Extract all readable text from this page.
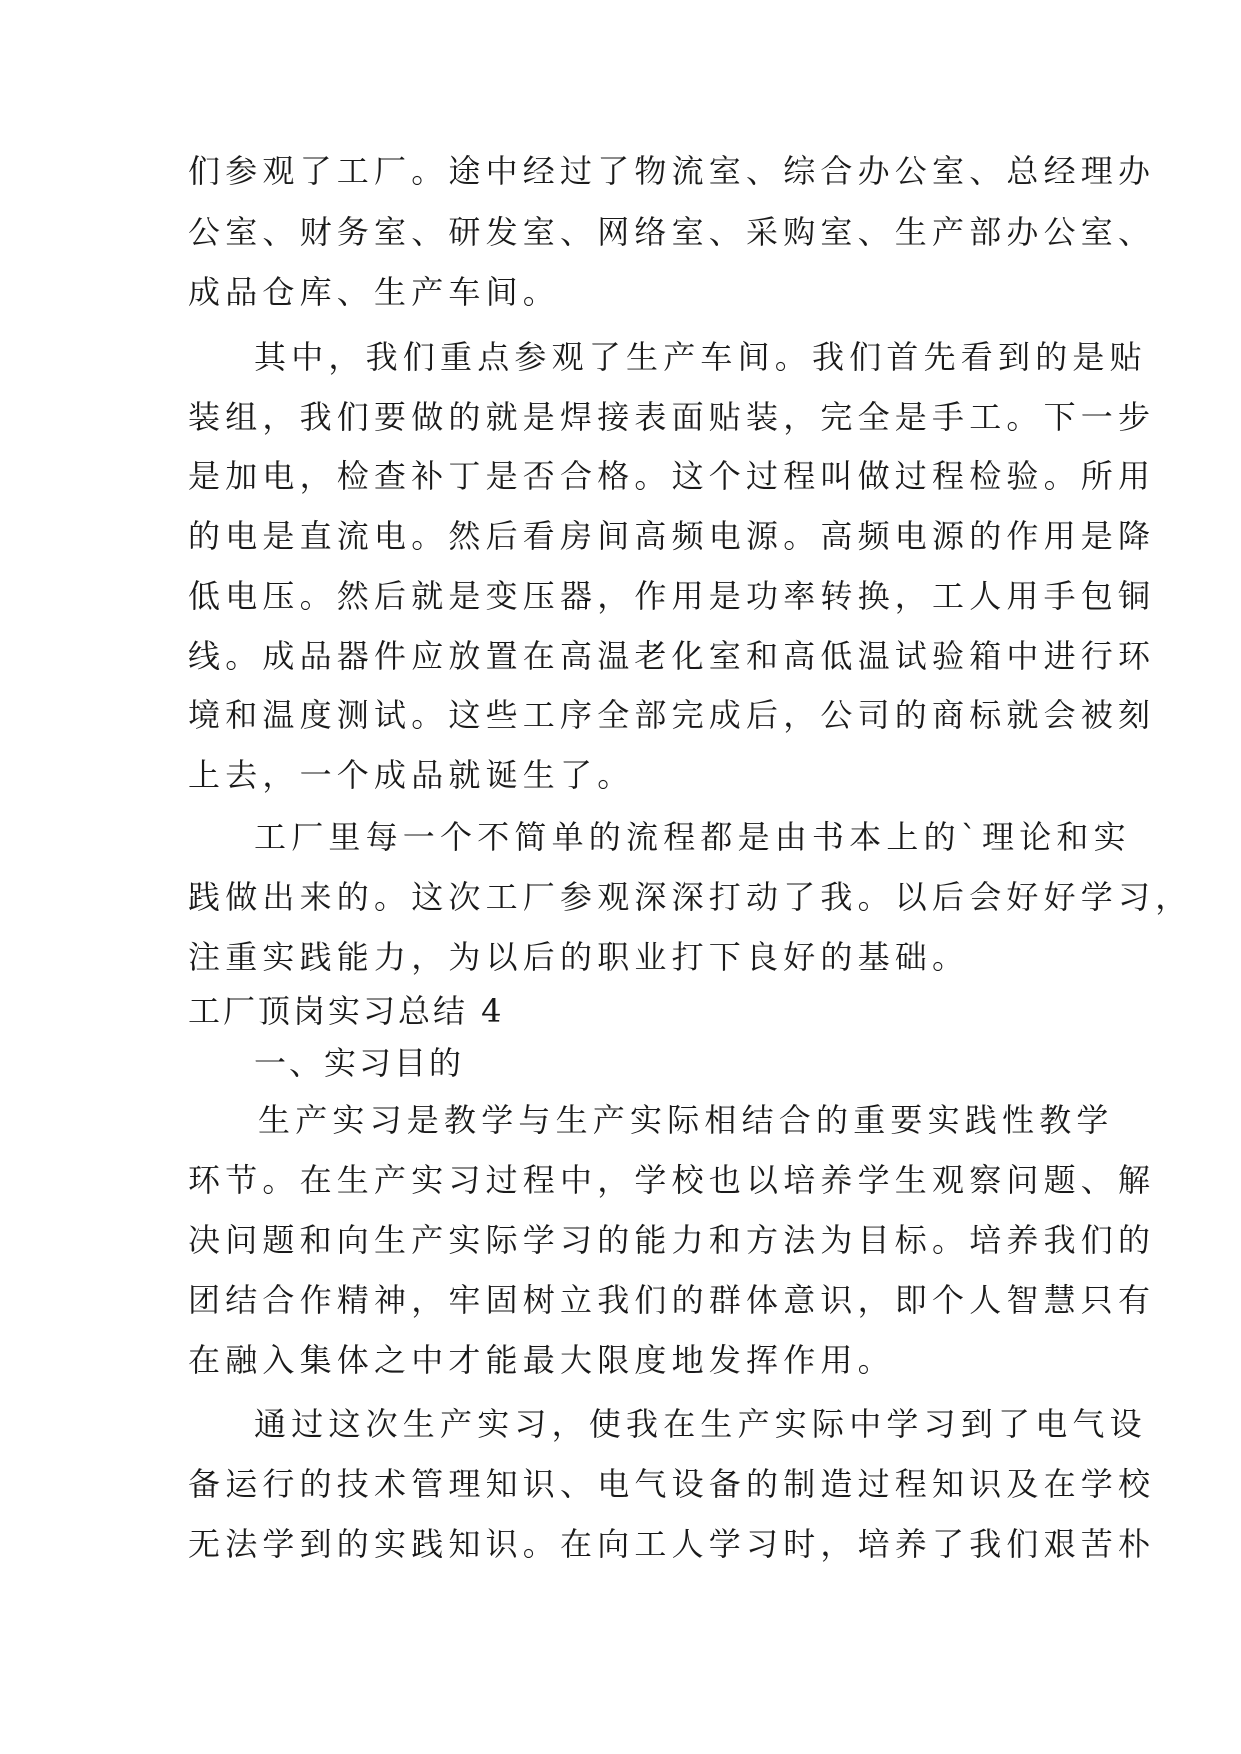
们参观了工厂。途中经过了物流室、综合办公室、总经理办
公室、财务室、研发室、网络室、采购室、生产部办公室、
成品仓库、生产车间。
其中，我们重点参观了生产车间。我们首先看到的是贴
装组，我们要做的就是焊接表面贴装，完全是手工。下一步
是加电，检查补丁是否合格。这个过程叫做过程检验。所用
的电是直流电。然后看房间高频电源。高频电源的作用是降
低电压。然后就是变压器，作用是功率转换，工人用手包铜
线。成品器件应放置在高温老化室和高低温试验箱中进行环
境和温度测试。这些工序全部完成后，公司的商标就会被刻
上去，一个成品就诞生了。
工厂里每一个不简单的流程都是由书本上的`理论和实
践做出来的。这次工厂参观深深打动了我。以后会好好学习，
注重实践能力，为以后的职业打下良好的基础。
工厂顶岗实习总结 4
一、实习目的
生产实习是教学与生产实际相结合的重要实践性教学
环节。在生产实习过程中，学校也以培养学生观察问题、解
决问题和向生产实际学习的能力和方法为目标。培养我们的
团结合作精神，牢固树立我们的群体意识，即个人智慧只有
在融入集体之中才能最大限度地发挥作用。
通过这次生产实习，使我在生产实际中学习到了电气设
备运行的技术管理知识、电气设备的制造过程知识及在学校
无法学到的实践知识。在向工人学习时，培养了我们艰苦朴
